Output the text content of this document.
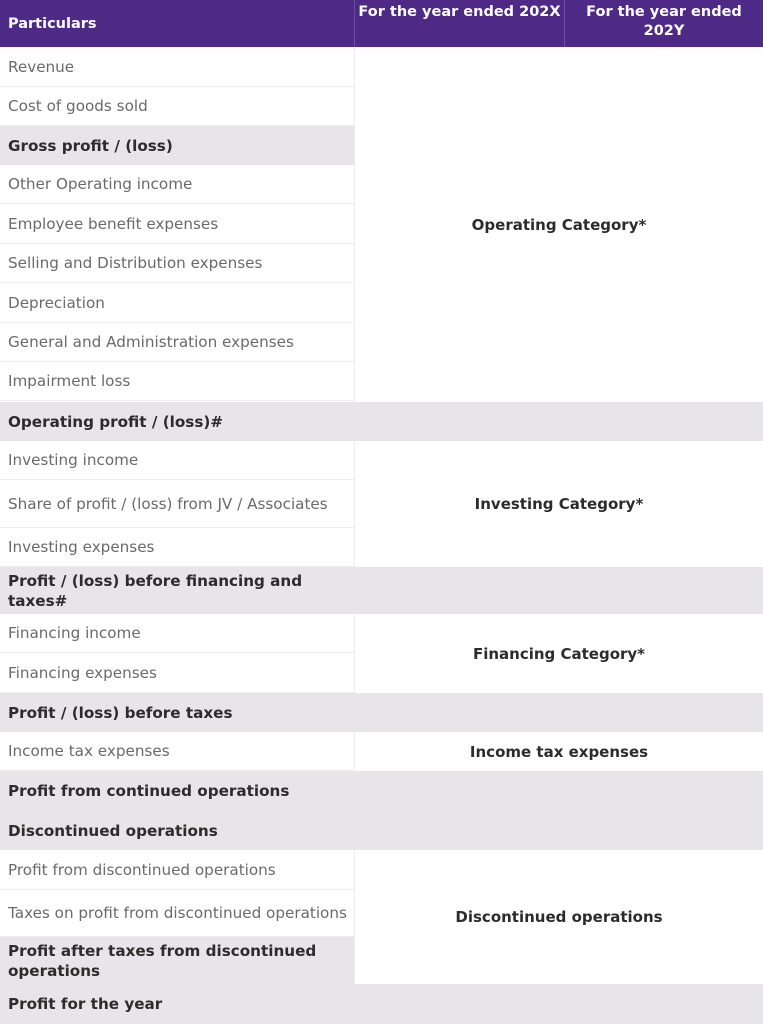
Particulars
For the year ended 202X	For the year ended 202Y
Revenue
Cost of goods sold
Gross profit / (loss)
Other Operating income
Employee benefit expenses
Selling and Distribution expenses
Depreciation
General and Administration expenses
Impairment loss
Operating profit / (loss)#
Investing income
Share of profit / (loss) from JV / Associates
Investing expenses
Profit / (loss) before financing and taxes#
Financing income
Financing expenses
Profit / (loss) before taxes
Income tax expenses
Profit from continued operations
Discontinued operations
Profit from discontinued operations
Taxes on profit from discontinued operations
Profit after taxes from discontinued operations
Profit for the year
Operating Category*
Investing Category*
Financing Category*
Income tax expenses
Discontinued operations
